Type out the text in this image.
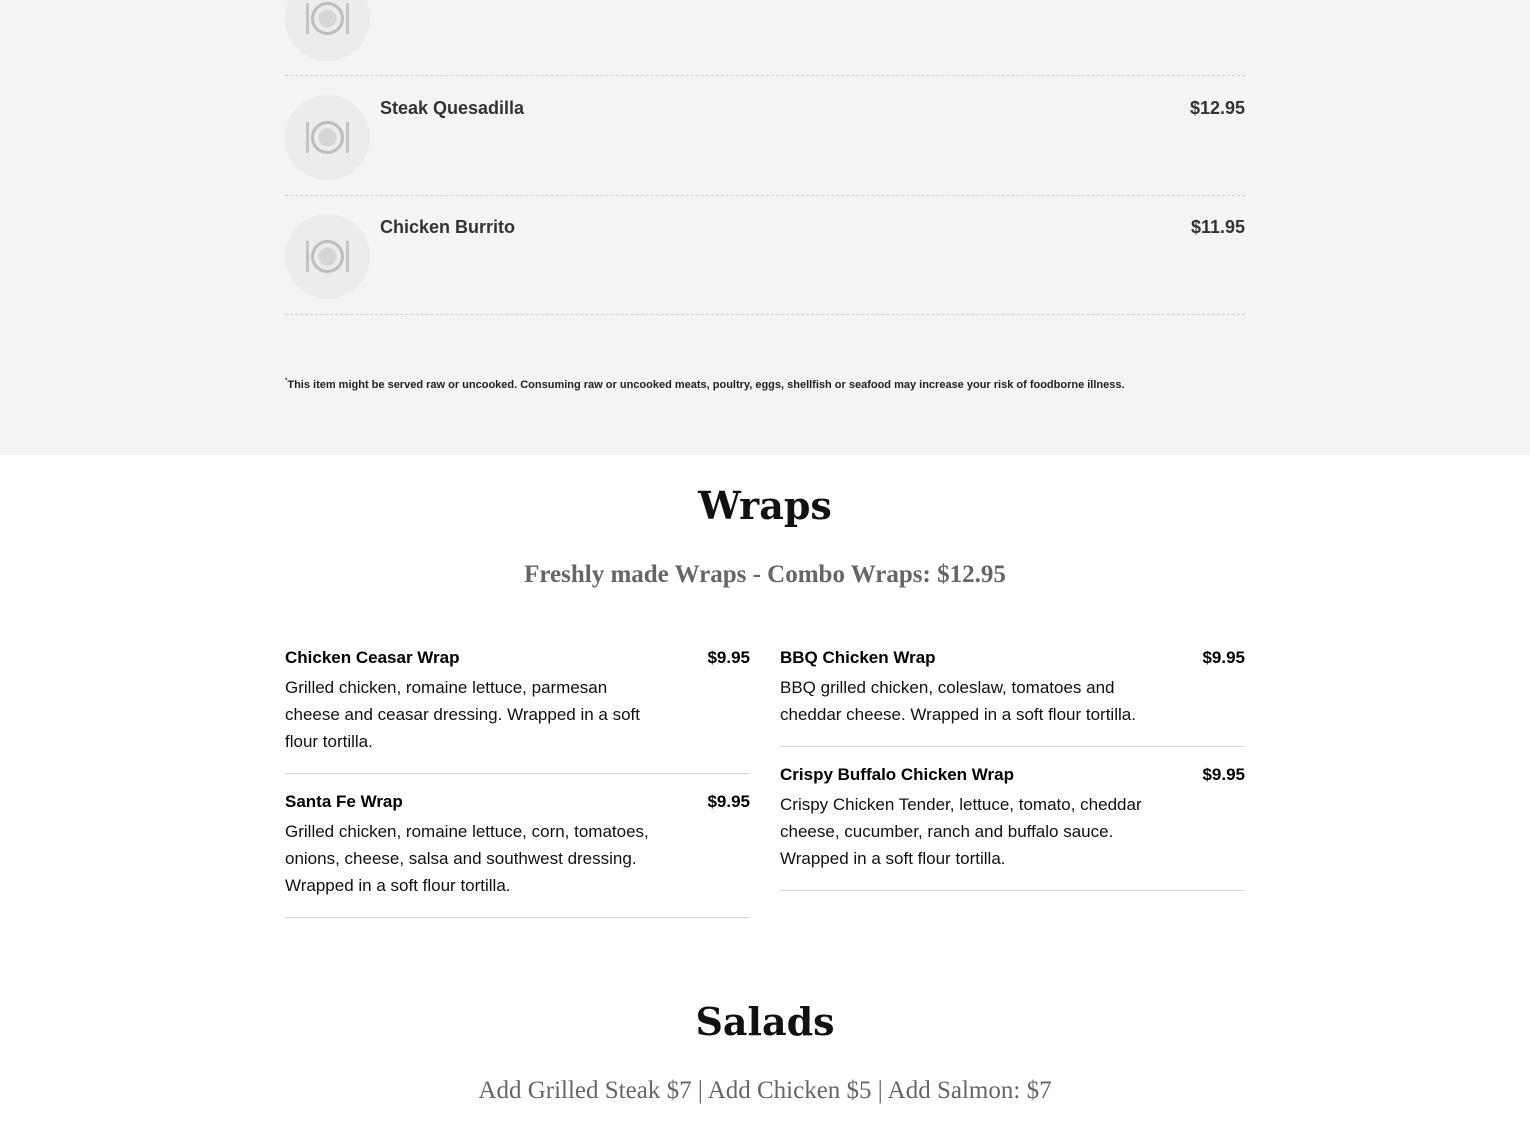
Steak Quesadilla	$12.95
Chicken Burrito	$11.95
*This item might be served raw or uncooked. Consuming raw or uncooked meats, poultry, eggs, shellfish or seafood may increase your risk of foodborne illness.
Wraps
Freshly made Wraps - Combo Wraps: $12.95
Chicken Ceasar Wrap	$9.95
Grilled chicken, romaine lettuce, parmesan cheese and ceasar dressing. Wrapped in a soft flour tortilla.
Santa Fe Wrap	$9.95
Grilled chicken, romaine lettuce, corn, tomatoes, onions, cheese, salsa and southwest dressing. Wrapped in a soft flour tortilla.
BBQ Chicken Wrap	$9.95
BBQ grilled chicken, coleslaw, tomatoes and cheddar cheese. Wrapped in a soft flour tortilla.
Crispy Buffalo Chicken Wrap	$9.95
Crispy Chicken Tender, lettuce, tomato, cheddar cheese, cucumber, ranch and buffalo sauce. Wrapped in a soft flour tortilla.
Salads
Add Grilled Steak $7 | Add Chicken $5 | Add Salmon: $7
